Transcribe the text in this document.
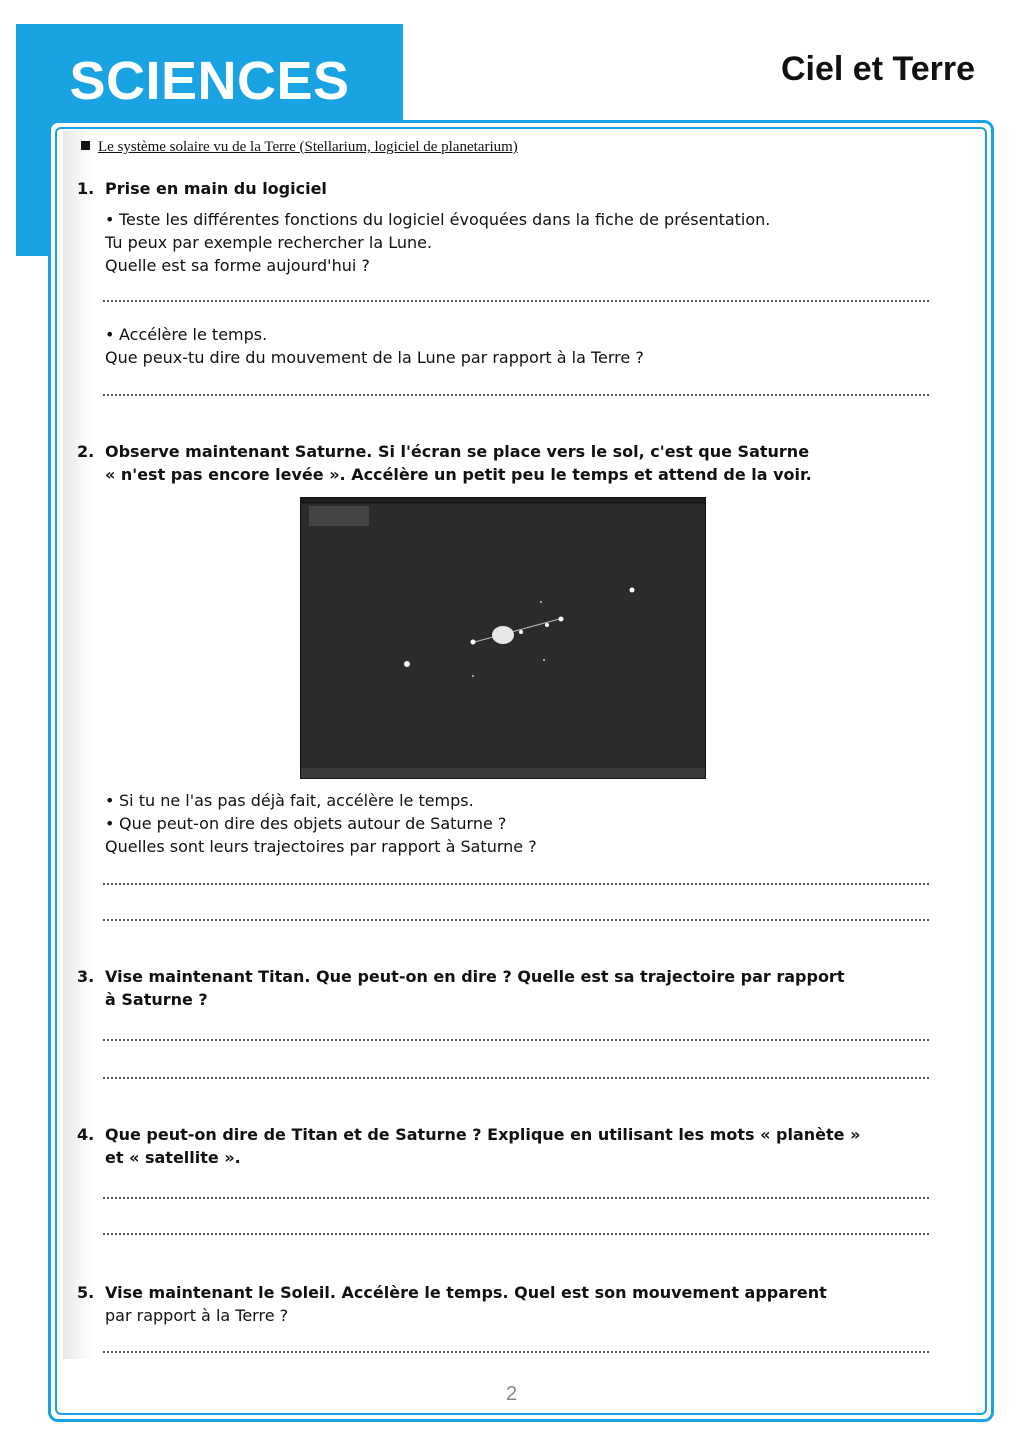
SCIENCES	Ciel et Terre
Le système solaire vu de la Terre (Stellarium, logiciel de planetarium)
1. Prise en main du logiciel
• Teste les différentes fonctions du logiciel évoquées dans la fiche de présentation.
Tu peux par exemple rechercher la Lune.
Quelle est sa forme aujourd'hui ?
• Accélère le temps.
Que peux-tu dire du mouvement de la Lune par rapport à la Terre ?
2. Observe maintenant Saturne. Si l'écran se place vers le sol, c'est que Saturne
« n'est pas encore levée ». Accélère un petit peu le temps et attend de la voir.
• Si tu ne l'as pas déjà fait, accélère le temps.
• Que peut-on dire des objets autour de Saturne ?
Quelles sont leurs trajectoires par rapport à Saturne ?
3. Vise maintenant Titan. Que peut-on en dire ? Quelle est sa trajectoire par rapport
à Saturne ?
4. Que peut-on dire de Titan et de Saturne ? Explique en utilisant les mots « planète »
et « satellite ».
5. Vise maintenant le Soleil. Accélère le temps. Quel est son mouvement apparent
par rapport à la Terre ?
2
